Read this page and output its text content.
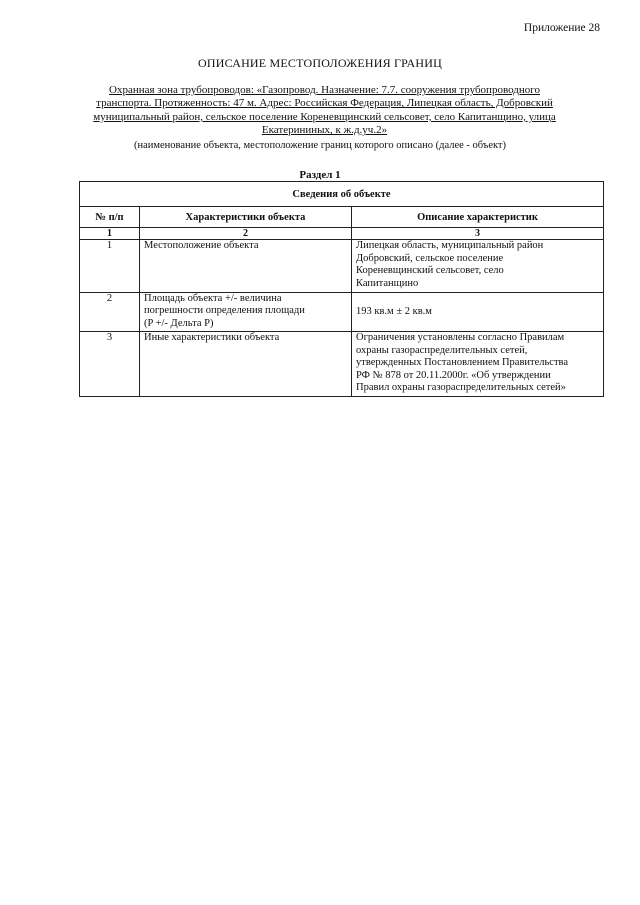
Приложение 28
ОПИСАНИЕ МЕСТОПОЛОЖЕНИЯ ГРАНИЦ
Охранная зона трубопроводов: «Газопровод. Назначение: 7.7. сооружения трубопроводного
транспорта. Протяженность: 47 м. Адрес: Российская Федерация, Липецкая область, Добровский
муниципальный район, сельское поселение Кореневщинский сельсовет, село Капитанщино, улица
Екатерининых, к ж.д.уч.2»
(наименование объекта, местоположение границ которого описано (далее - объект)
Раздел 1
Сведения об объекте		
№ п/п	Характеристики объекта	Описание характеристик
1	2	3
1	Местоположение объекта	Липецкая область, муниципальный район
Добровский, сельское поселение
Кореневщинский сельсовет, село
Капитанщино

2	Площадь объекта +/- величина
погрешности определения площади
(P +/- Дельта P)	193 кв.м ± 2 кв.м

3	Иные характеристики объекта	Ограничения установлены согласно Правилам
охраны газораспределительных сетей,
утвержденных Постановлением Правительства
РФ № 878 от 20.11.2000г. «Об утверждении
Правил охраны газораспределительных сетей»
